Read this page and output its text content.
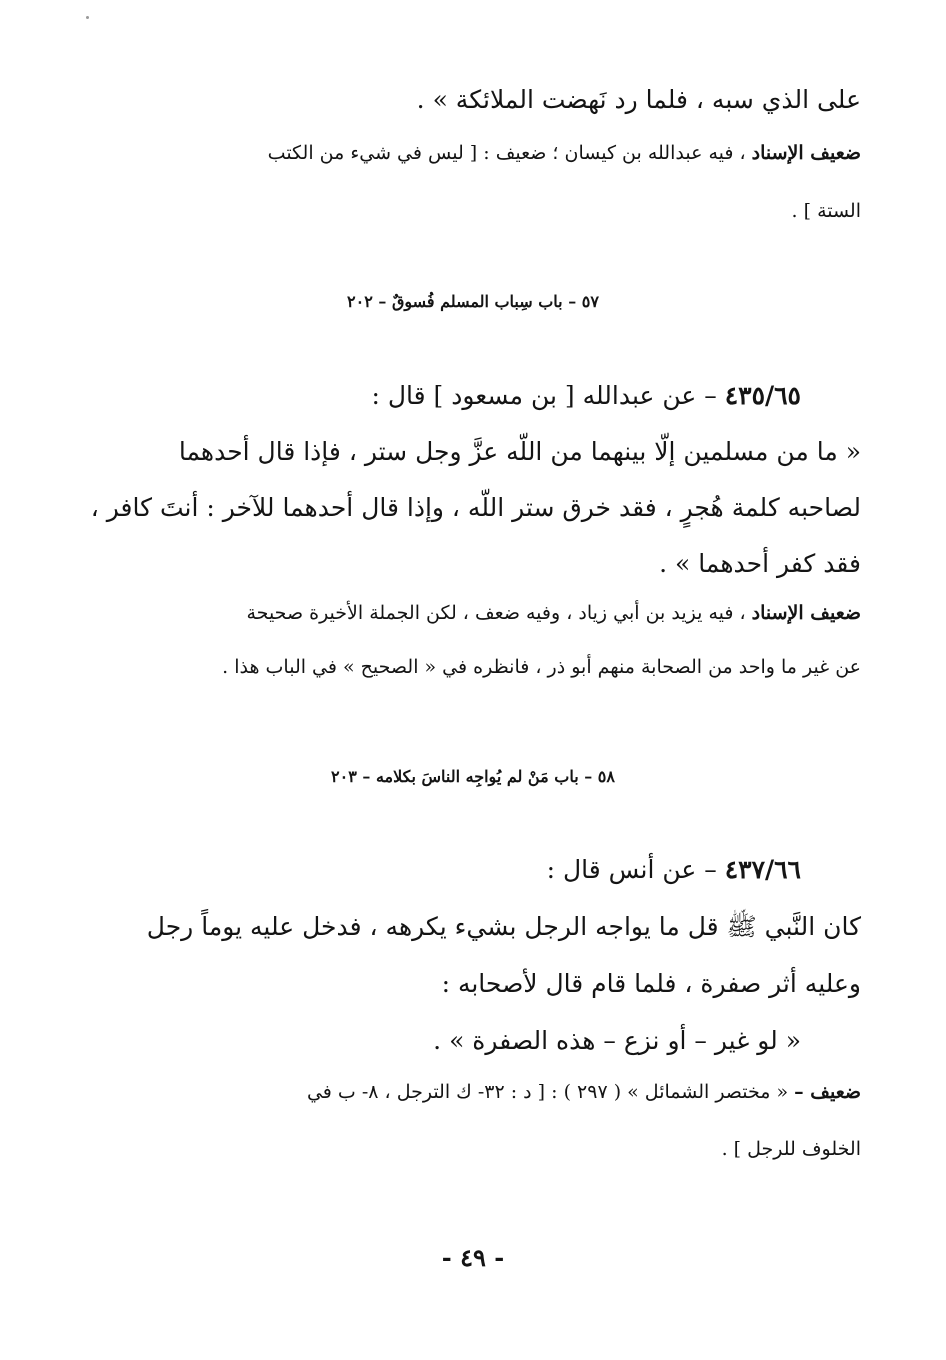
على الذي سبه ، فلما رد نَهضت الملائكة » .
ضعيف الإسناد ، فيه عبدالله بن كيسان ؛ ضعيف : [ ليس في شيء من الكتب
الستة ] .
٥٧ – باب سِباب المسلم فُسوقٌ – ٢٠٢
٤٣٥/٦٥ – عن عبدالله [ بن مسعود ] قال :
« ما من مسلمين إلّا بينهما من اللّه عزَّ وجل ستر ، فإذا قال أحدهما
لصاحبه كلمة هُجرٍ ، فقد خرق ستر اللّه ، وإذا قال أحدهما للآخر : أنتَ كافر ،
فقد كفر أحدهما » .
ضعيف الإسناد ، فيه يزيد بن أبي زياد ، وفيه ضعف ، لكن الجملة الأخيرة صحيحة
عن غير ما واحد من الصحابة منهم أبو ذر ، فانظره في « الصحيح » في الباب هذا .
٥٨ – باب مَنْ لم يُواجِه الناسَ بكلامه – ٢٠٣
٤٣٧/٦٦ – عن أنس قال :
كان النَّبي ﷺ قل ما يواجه الرجل بشيء يكرهه ، فدخل عليه يوماً رجل
وعليه أثر صفرة ، فلما قام قال لأصحابه :
« لو غير – أو نزع – هذه الصفرة » .
ضعيف – « مختصر الشمائل » ( ٢٩٧ ) : [ د : ٣٢- ك الترجل ، ٨- ب في
الخلوف للرجل ] .
- ٤٩ -
